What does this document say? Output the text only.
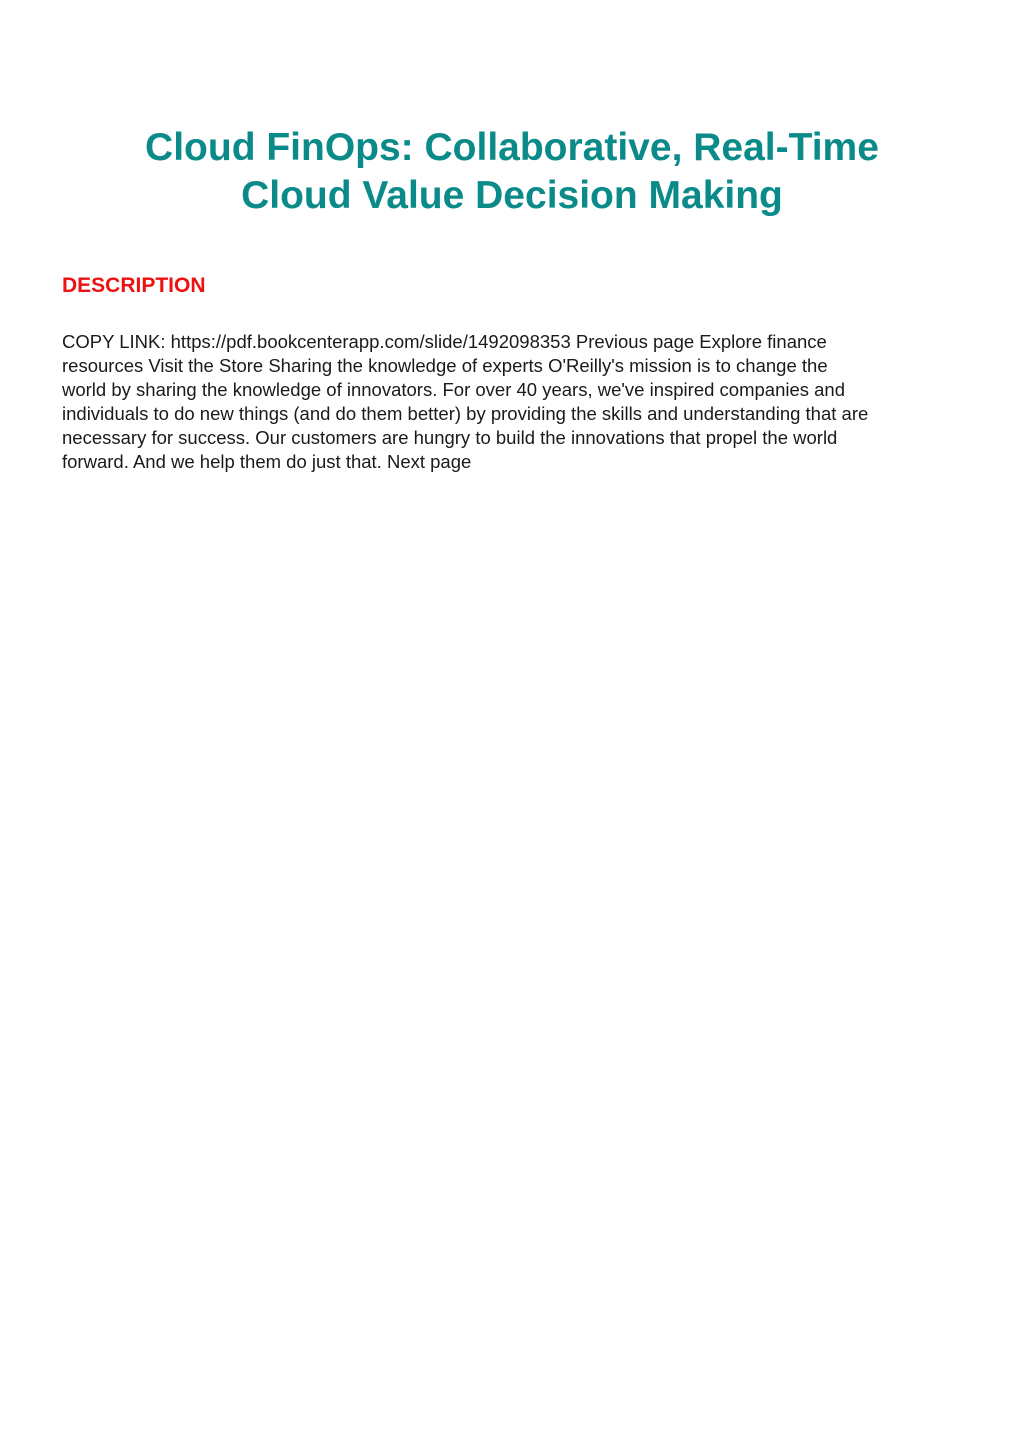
Cloud FinOps: Collaborative, Real-Time
Cloud Value Decision Making
DESCRIPTION
COPY LINK: https://pdf.bookcenterapp.com/slide/1492098353 Previous page Explore finance
resources Visit the Store Sharing the knowledge of experts O'Reilly's mission is to change the
world by sharing the knowledge of innovators. For over 40 years, we've inspired companies and
individuals to do new things (and do them better) by providing the skills and understanding that are
necessary for success. Our customers are hungry to build the innovations that propel the world
forward. And we help them do just that. Next page
